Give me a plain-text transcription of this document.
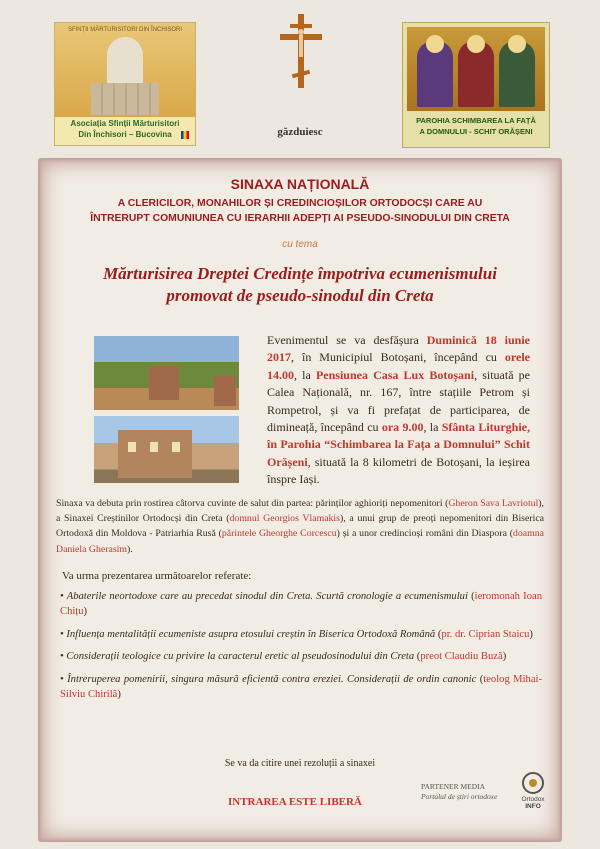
SFINȚII MĂRTURISITORI DIN ÎNCHISORI
Asociația Sfinții Mărturisitori
Din Închisori – Bucovina	găzduiesc
PAROHIA SCHIMBAREA LA FAȚĂ
A DOMNULUI - SCHIT ORĂȘENI
SINAXA NAȚIONALĂ
A CLERICILOR, MONAHILOR ȘI CREDINCIOȘILOR ORTODOCȘI CARE AU
ÎNTRERUPT COMUNIUNEA CU IERARHII ADEPȚI AI PSEUDO-SINODULUI DIN CRETA
cu tema
Mărturisirea Dreptei Credințe împotriva ecumenismului
promovat de pseudo-sinodul din Creta
Evenimentul se va desfășura Duminică 18 iunie 2017, în Municipiul Botoșani, începând cu orele 14.00, la Pensiunea Casa Lux Botoșani, situată pe Calea Națională, nr. 167, între stațiile Petrom și Rompetrol, și va fi prefațat de participarea, de dimineață, începând cu ora 9.00, la Sfânta Liturghie, în Parohia “Schimbarea la Fața a Domnului” Schit Orășeni, situată la 8 kilometri de Botoșani, la ieșirea înspre Iași.
Sinaxa va debuta prin rostirea câtorva cuvinte de salut din partea: părinților aghioriți nepomenitori (Gheron Sava Lavriotul), a Sinaxei Creștinilor Ortodocși din Creta (domnul Georgios Vlamakis), a unui grup de preoți nepomenitori din Biserica Ortodoxă din Moldova - Patriarhia Rusă (părintele Gheorghe Corcescu) și a unor credincioși români din Diaspora (doamna Daniela Gherasim).
Va urma prezentarea următoarelor referate:
• Abaterile neortodoxe care au precedat sinodul din Creta. Scurtă cronologie a ecumenismului (ieromonah Ioan Chițu)
• Influența mentalității ecumeniste asupra etosului creștin în Biserica Ortodoxă Română (pr. dr. Ciprian Staicu)
• Considerații teologice cu privire la caracterul eretic al pseudosinodului din Creta (preot Claudiu Buză)
• Întreruperea pomenirii, singura măsură eficientă contra ereziei. Considerații de ordin canonic (teolog Mihai-Silviu Chirilă)
Se va da citire unei rezoluții a sinaxei
INTRAREA ESTE LIBERĂ
PARTENER MEDIA
Portalul de știri ortodoxe	Ortodox
INFO
